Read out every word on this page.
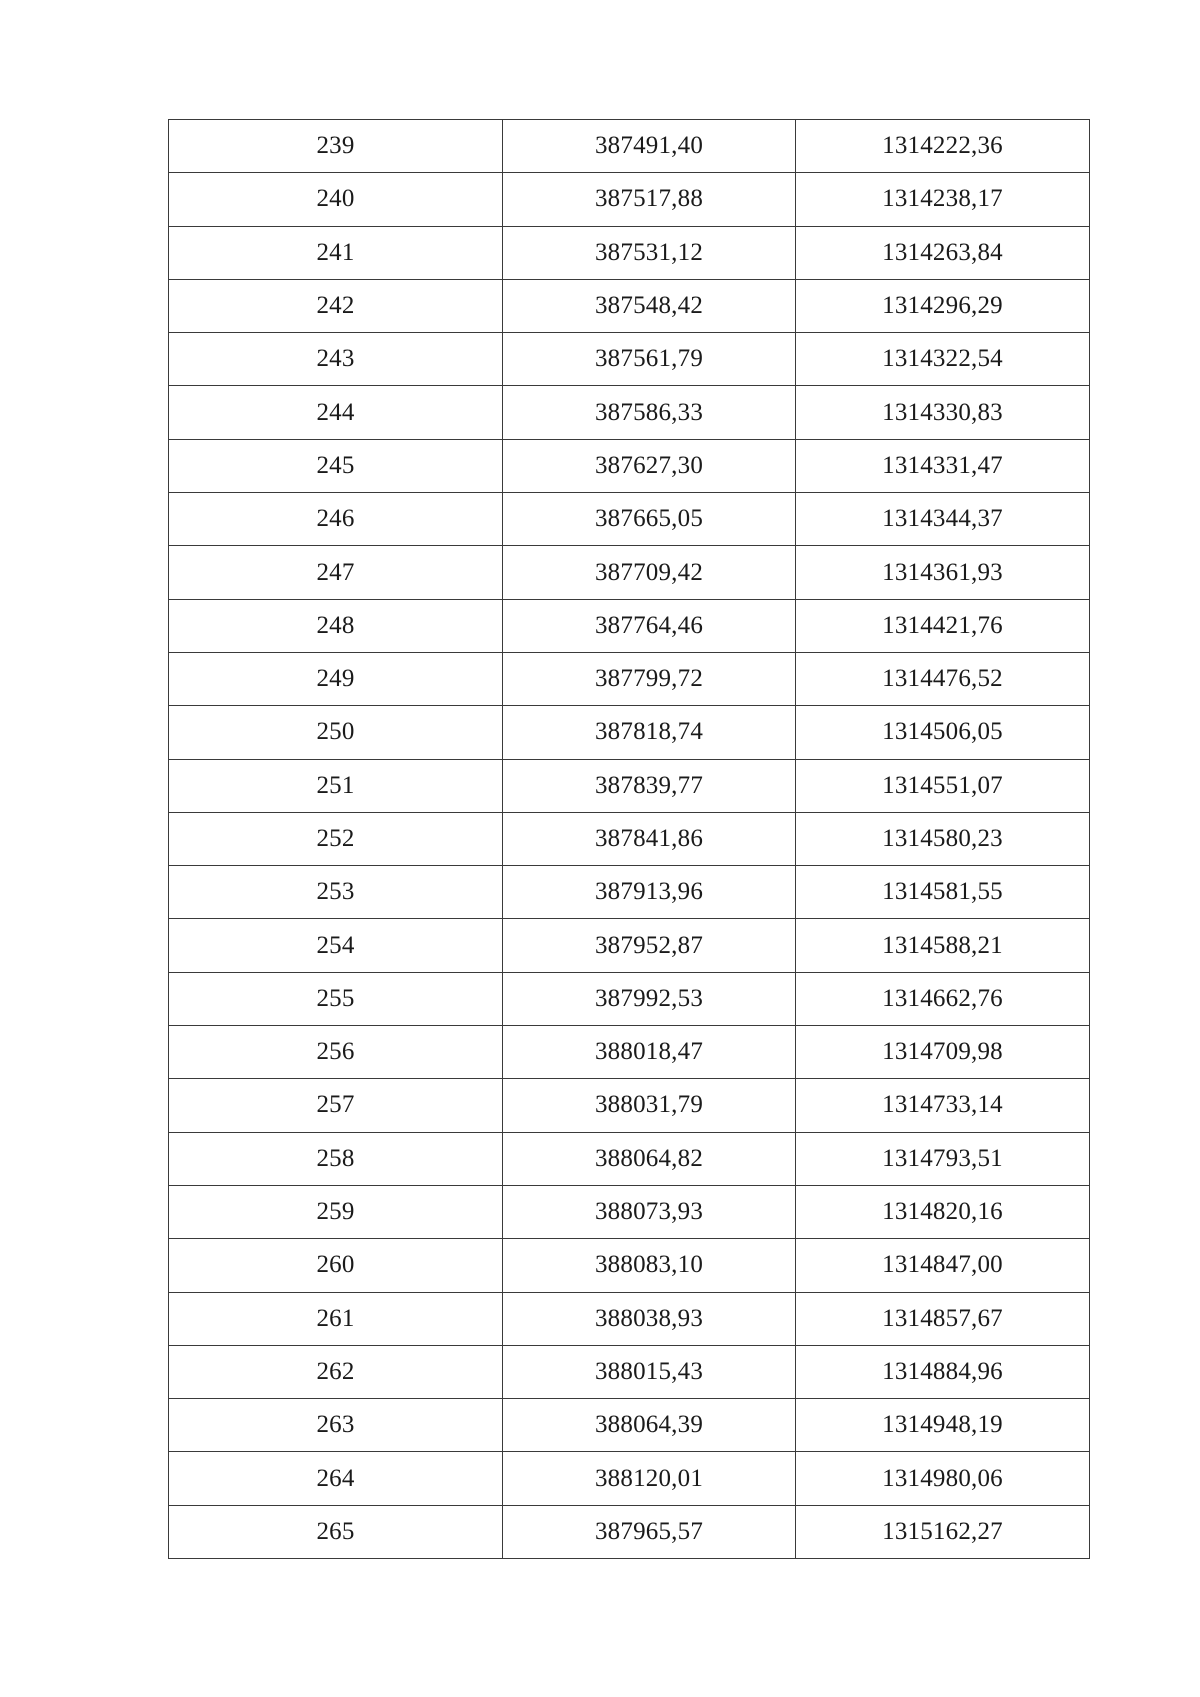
239	387491,40	1314222,36
240	387517,88	1314238,17
241	387531,12	1314263,84
242	387548,42	1314296,29
243	387561,79	1314322,54
244	387586,33	1314330,83
245	387627,30	1314331,47
246	387665,05	1314344,37
247	387709,42	1314361,93
248	387764,46	1314421,76
249	387799,72	1314476,52
250	387818,74	1314506,05
251	387839,77	1314551,07
252	387841,86	1314580,23
253	387913,96	1314581,55
254	387952,87	1314588,21
255	387992,53	1314662,76
256	388018,47	1314709,98
257	388031,79	1314733,14
258	388064,82	1314793,51
259	388073,93	1314820,16
260	388083,10	1314847,00
261	388038,93	1314857,67
262	388015,43	1314884,96
263	388064,39	1314948,19
264	388120,01	1314980,06
265	387965,57	1315162,27
